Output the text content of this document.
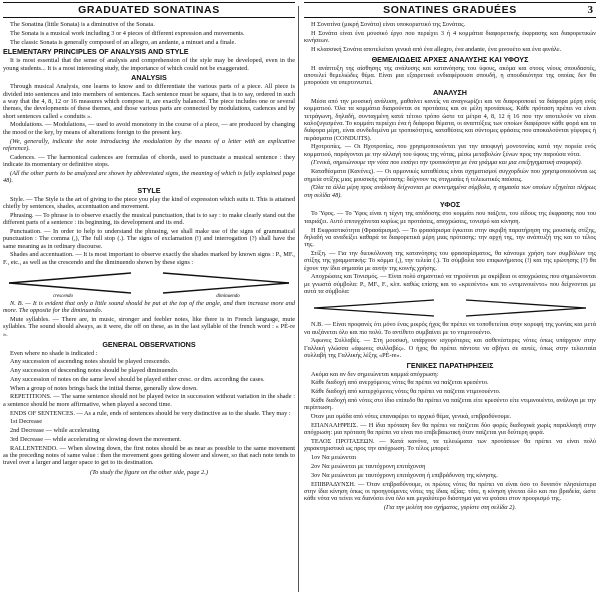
GRADUATED SONATINAS

The Sonatina (little Sonata) is a diminutive of the Sonata.

The Sonata is a musical work including 3 or 4 pieces of different expression and movements.

The classic Sonata is generally composed of an allegro, an andante, a minuet and a finale.

ELEMENTARY PRINCIPLES OF ANALYSIS AND STYLE

It is most essential that the sense of analysis and comprehension of the style may be developed, even in the young students... It is a most interesting study, the importance of which could not be exaggerated.

ANALYSIS

Through musical Analysis, one learns to know and to differentiate the various parts of a piece. All piece is divided into sentences and into members of sentences. Each sentence must be square, that is to say, ordered in such a way that the 4, 8, 12 or 16 measures which compose it, are exactly balanced. The piece includes one or several themes, the developments of these themes, and those various parts are connected by modulations, cadences and by short sentences called « conduits ».

Modulations. — Modulations, — used to avoid monotony in the course of a piece, — are produced by changing the mood or the key, by means of alterations foreign to the present key.

(We, generally, indicate the note introducing the modulation by the means of a letter with an explicative reference).

Cadences. — The harmonical cadences are formulas of chords, used to punctuate a musical sentence : they indicate its momentary or definitive stops.

(All the other parts to be analyzed are shown by abbreviated signs, the meaning of which is fully explained page 48).

STYLE

Style. — The Style is the art of giving to the piece you play the kind of expression which suits it. This is attained chiefly by sentences, shades, accentuation and movement.

Phrasing. — To phrase is to observe exactly the musical punctuation, that is to say : to make clearly stand out the different parts of a sentence : its beginning, its development and its end.

Punctuation. — In order to help to understand the phrasing, we shall make use of the signs of grammatical punctuation : The comma (,), The full stop (.). The signs of exclamation (!) and interrogation (?) shall have the same meaning as in ordinary discourse.

Shades and accentuation. — It is most important to observe exactly the shades marked by known signs : P., MF., F., etc., as well as the crescendo and the diminuendo shown by these signs :

crescendo	diminuendo

N. B. — It is evident that only a little sound should be put at the top of the angle, and then increase more and more. The opposite for the diminuendo.

Mute syllables. — There are, in music, stronger and feebler notes, like there is in French language, mute syllables. The sound should always, as it were, die off on these, as in the last syllable of the french word : « PÈ-re ».

GENERAL OBSERVATIONS

Even where no shade is indicated :

Any succession of ascending notes should be played crescendo.

Any succession of descending notes should be played diminuendo.

Any succession of notes on the same level should be played either cresc. or dim. according the cases.

When a group of notes brings back the initial theme, generally slow down.

REPETITIONS. — The same sentence should not be played twice in succession without variation in the shade : a sentence should be more affirmative, when played a second time.

ENDS OF SENTENCES. — As a rule, ends of sentences should be very distinctive as to the shade. They may :

1st Decrease

2nd Decrease — while accelerating

3rd Decrease — while accelerating or slowing down the movement.

RALLENTENDO. — When slowing down, the first notes should be as near as possible to the same movement as the preceding notes of same value : then the movement goes getting slower and slower, so that each note tends to travel over a larger and larger space to get to its destination.

(To study the figure on the other side, page 2.)

SONATINES GRADUÉES	3

Η Σονατίνα (μικρή Σονάτα) είναι υποκοριστικό της Σονάτας.

Η Σονάτα είναι ένα μουσικό έργο που περιέχει 3 ή 4 κομμάτια διαφορετικής έκφρασης και διαφορετικών κινήσεων.

Η κλασσική Σονάτα αποτελείται γενικά από ένα allegro, ένα andante, ένα μινουέτο και ένα φινάλε.

ΘΕΜΕΛΙΩΔΕΙΣ ΑΡΧΕΣ ΑΝΑΛΥΣΗΣ ΚΑΙ ΥΦΟΥΣ

Η ανάπτυξη της αίσθησης της ανάλυσης και κατανόησης του ύφους, ακόμα και στους νέους σπουδαστές, αποτελεί θεμελιώδες θέμα. Είναι μια εξαιρετικά ενδιαφέρουσα σπουδή, η σπουδαιότητα της οποίας δεν θα μπορούσε να υπερτονιστεί.

ΑΝΑΛΥΣΗ

Μέσα από την μουσική ανάλυση, μαθαίνει κανείς να αναγνωρίζει και να διαφοροποιεί τα διάφορα μέρη ενός κομματιού. Όλα τα κομμάτια διαιρούνται σε προτάσεις και σε μέλη προτάσεως. Κάθε πρόταση πρέπει να είναι τετράγωνη, δηλαδή, συνταγμένη κατά τέτοιο τρόπο ώστε τα μέτρα 4, 8, 12 ή 16 που την αποτελούν να είναι καλοζυγισμένα. Το κομμάτι περιέχει ένα ή διάφορα θέματα, οι αναπτύξεις των οποίων διαφέρουν κάθε φορά και τα διάφορα μέρη, είναι συνδεδεμένα με τροπικότητες, καταθέσεις και σύντομες φράσεις που αποκαλούνται γέφυρες ή περάσματα (CONDUITS).

Ηχοτροπίες. — Οι Ηχοτροπίες, που χρησιμοποιούνται για την αποφυγή μονοτονίας κατά την πορεία ενός κομματιού, παράγονται με την αλλαγή του ύφους της νότας, μέσω μεταβολών ξένων προς την παρούσα νότα.

(Γενικά, σημειώνουμε την νότα που εισάγει την τροπικότητα με ένα γράμμα και μια επεξηγηματική αναφορά).

Καταθέσματα (Κανένες). — Οι αρμονικές καταθέσεις είναι σχηματισμοί συγχορδιών που χρησιμοποιούνται ως σημεία στίξης μιας μουσικής πρότασης: δείχνουν τις στιγμιαίες ή τελειωτικές παύσεις.

(Όλα τα άλλα μέρη προς ανάλυση δείχνονται με συντετμημένα σύμβολα, η σημασία των οποίων εξηγείται πλήρως στη σελίδα 48).

ΥΦΟΣ

Το Ύφος. — Το Ύφος είναι η τέχνη της απόδοσης στο κομμάτι που παίζετε, του είδους της έκφρασης που του ταιριάζει. Αυτό επιτυγχάνεται κυρίως με προτάσεις, αποχρώσεις, τονισμό και κίνηση.

Η Εκφραστικότητα (Φρασάρισμα). — Το φρασάρισμα έγκειται στην ακριβή παρατήρηση της μουσικής στίξης, δηλαδή να αναδείξει καθαρά τα διαφορετικά μέρη μιας πρότασης: την αρχή της, την ανάπτυξή της και το τέλος της.

Στίξη. — Για την διευκόλυνση της κατανόησης του φρασαρίσματος, θα κάνουμε χρήση των συμβόλων της στίξης της γραμματικής: Το κόμμα (,), την τελεία (.). Τα σύμβολα του επιφωνήματος (!) και της ερώτησης (?) θα έχουν την ίδια σημασία με αυτήν της κοινής χρήσης.

Αποχρώσεις και Τονισμός. — Είναι πολύ σημαντικό να τηρούνται με ακρίβεια οι αποχρώσεις που σημειώνονται με γνωστά σύμβολα: P., MF., F., κλπ. καθώς επίσης και το «κρεσέντο» και το «ντιμινουέντο» που δείχνονται με αυτά τα σύμβολα:

Ν.Β. — Είναι προφανές ότι μόνο ένας μικρός ήχος θα πρέπει να τοποθετείται στην κορυφή της γωνίας και μετά να αυξάνεται όλο και πιο πολύ. Το αντίθετο συμβαίνει με το ντιμινουέντο.

Άφωνες Συλλαβές. — Στη μουσική, υπάρχουν ισχυρότερες και ασθενέστερες νότες όπως υπάρχουν στην Γαλλική γλώσσα «άφωνες συλλαβές». Ο ήχος θα πρέπει πάντοτε να σβήνει σε αυτές, όπως στην τελευταία συλλαβή της Γαλλικής λέξης «PÈ-re».

ΓΕΝΙΚΕΣ ΠΑΡΑΤΗΡΗΣΕΙΣ

Ακόμα και αν δεν σημειώνεται καμμιά απόχρωση:

Κάθε διαδοχή από ανερχόμενες νότες θα πρέπει να παίζεται κρεσέντο.

Κάθε διαδοχή από κατερχόμενες νότες θα πρέπει να παίζεται ντιμινουέντο.

Κάθε διαδοχή από νότες στο ίδιο επίπεδο θα πρέπει να παίζεται είτε κρεσέντο είτε ντιμινουέντο, ανάλογα με την περίπτωση.

Όταν μια ομάδα από νότες επαναφέρει το αρχικό θέμα, γενικά, επιβραδύνουμε.

ΕΠΑΝΑΛΗΨΕΙΣ. — Η ίδια πρόταση δεν θα πρέπει να παίζεται δύο φορές διαδοχικά χωρίς παραλλαγή στην απόχρωση: μια πρόταση θα πρέπει να είναι πιο επιβεβαιωτική όταν παίζεται για δεύτερη φορά.

ΤΕΛΟΣ ΠΡΟΤΑΣΕΩΝ. — Κατά κανόνα, τα τελειώματα των προτάσεων θα πρέπει να είναι πολύ χαρακτηριστικά ως προς την απόχρωση. Το τέλος μπορεί:

1ον Να μειώνεται

2ον Να μειώνεται με ταυτόχρονη επιτάχυνση

3ον Να μειώνεται με ταυτόχρονη επιτάχυνση ή επιβράδυνση της κίνησης.

ΕΠΙΒΡΑΔΥΝΣΗ. — Όταν επιβραδύνουμε, οι πρώτες νότες θα πρέπει να είναι όσο το δυνατόν πλησιέστερα στην ίδια κίνηση όπως οι προηγούμενες νότες της ίδιας αξίας: τότε, η κίνηση γίνεται όλο και πιο βραδεία, ώστε κάθε νότα να τείνει να διανύσει ένα όλο και μεγαλύτερο διάστημα για να φτάσει στον προορισμό της.

(Για την μελέτη του σχήματος, γυρίστε στη σελίδα 2).
